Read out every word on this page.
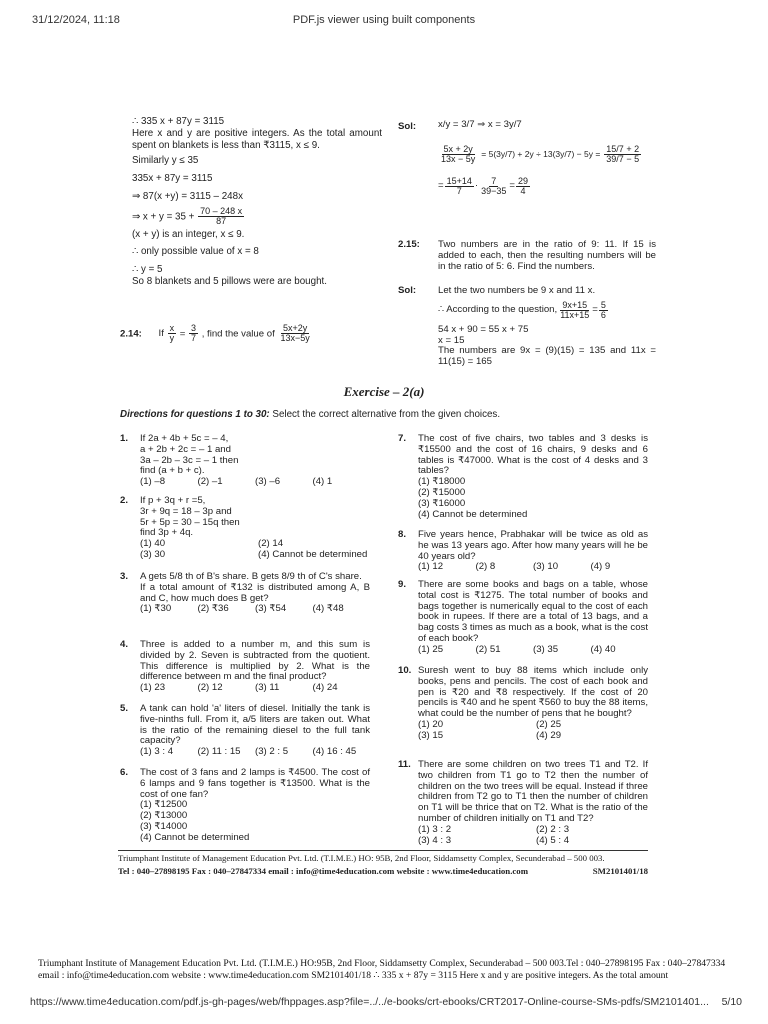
31/12/2024, 11:18	PDF.js viewer using built components
∴ 335 x + 87y = 3115
Here x and y are positive integers. As the total amount spent on blankets is less than ₹3115, x ≤ 9.
Similarly y ≤ 35
335x + 87y = 3115
⇒ 87(x +y) = 3115 – 248x
⇒ $x + y = 35 + \frac{70 - 248 x}{87}$
(x + y) is an integer, x ≤ 9.
∴ only possible value of x = 8
∴ y = 5
So 8 blankets and 5 pillows were are bought.
2.14: If $\frac{x}{y} = \frac{3}{7}$ , find the value of $\frac{5x+2y}{13x-5y}$
Sol: x/y = 3/7 ⇒ x = 3y/7
$\frac{5x + 2y}{13x - 5y} = 5(3y/7) + 2y \div 13(3y/7) - 5y = \frac{15/7 + 2}{39/7 - 5}$
= $\frac{15+14}{7} \cdot \frac{7}{39-35} = \frac{29}{4}$
2.15: Two numbers are in the ratio of 9: 11. If 15 is added to each, then the resulting numbers will be in the ratio of 5: 6. Find the numbers.
Sol: Let the two numbers be 9 x and 11 x.
∴ According to the question, $\frac{9x+15}{11x+15} = \frac{5}{6}$
54 x + 90 = 55 x + 75
x = 15
The numbers are 9x = (9)(15) = 135 and 11x = 11(15) = 165
Exercise – 2(a)
Directions for questions 1 to 30: Select the correct alternative from the given choices.
1. If 2a + 4b + 5c = – 4,
a + 2b + 2c = – 1 and
3a – 2b – 3c = – 1 then
find (a + b + c).
(1) –8	(2) –1	(3) –6	(4) 1
2. If p + 3q + r =5,
3r + 9q = 18 – 3p and
5r + 5p = 30 – 15q then
find 3p + 4q.
(1) 40	(2) 14
(3) 30	(4) Cannot be determined
3. A gets 5/8 th of B's share. B gets 8/9 th of C's share.
If a total amount of ₹132 is distributed among A, B and C, how much does B get?
(1) ₹30	(2) ₹36	(3) ₹54	(4) ₹48
4. Three is added to a number m, and this sum is divided by 2. Seven is subtracted from the quotient. This difference is multiplied by 2. What is the difference between m and the final product?
(1) 23	(2) 12	(3) 11	(4) 24
5. A tank can hold 'a' liters of diesel. Initially the tank is five-ninths full. From it, a/5 liters are taken out. What is the ratio of the remaining diesel to the full tank capacity?
(1) 3 : 4	(2) 11 : 15	(3) 2 : 5	(4) 16 : 45
6. The cost of 3 fans and 2 lamps is ₹4500. The cost of 6 lamps and 9 fans together is ₹13500. What is the cost of one fan?
(1) ₹12500
(2) ₹13000
(3) ₹14000
(4) Cannot be determined
7. The cost of five chairs, two tables and 3 desks is ₹15500 and the cost of 16 chairs, 9 desks and 6 tables is ₹47000. What is the cost of 4 desks and 3 tables?
(1) ₹18000
(2) ₹15000
(3) ₹16000
(4) Cannot be determined
8. Five years hence, Prabhakar will be twice as old as he was 13 years ago. After how many years will he be 40 years old?
(1) 12	(2) 8	(3) 10	(4) 9
9. There are some books and bags on a table, whose total cost is ₹1275. The total number of books and bags together is numerically equal to the cost of each book in rupees. If there are a total of 13 bags, and a bag costs 3 times as much as a book, what is the cost of each book?
(1) 25	(2) 51	(3) 35	(4) 40
10. Suresh went to buy 88 items which include only books, pens and pencils. The cost of each book and pen is ₹20 and ₹8 respectively. If the cost of 20 pencils is ₹40 and he spent ₹560 to buy the 88 items, what could be the number of pens that he bought?
(1) 20	(2) 25
(3) 15	(4) 29
11. There are some children on two trees T1 and T2. If two children from T1 go to T2 then the number of children on the two trees will be equal. Instead if three children from T2 go to T1 then the number of children on T1 will be thrice that on T2. What is the ratio of the number of children initially on T1 and T2?
(1) 3 : 2	(2) 2 : 3
(3) 4 : 3	(4) 5 : 4
Triumphant Institute of Management Education Pvt. Ltd. (T.I.M.E.) HO: 95B, 2nd Floor, Siddamsetty Complex, Secunderabad – 500 003.
Tel : 040–27898195 Fax : 040–27847334 email : info@time4education.com website : www.time4education.com	SM2101401/18
Triumphant Institute of Management Education Pvt. Ltd. (T.I.M.E.) HO:95B, 2nd Floor, Siddamsetty Complex, Secunderabad – 500 003.Tel : 040–27898195 Fax : 040–27847334 email : info@time4education.com website : www.time4education.com SM2101401/18 ∴ 335 x + 87y = 3115 Here x and y are positive integers. As the total amount
https://www.time4education.com/pdf.js-gh-pages/web/fhppages.asp?file=../../e-books/crt-ebooks/CRT2017-Online-course-SMs-pdfs/SM2101401... 5/10
